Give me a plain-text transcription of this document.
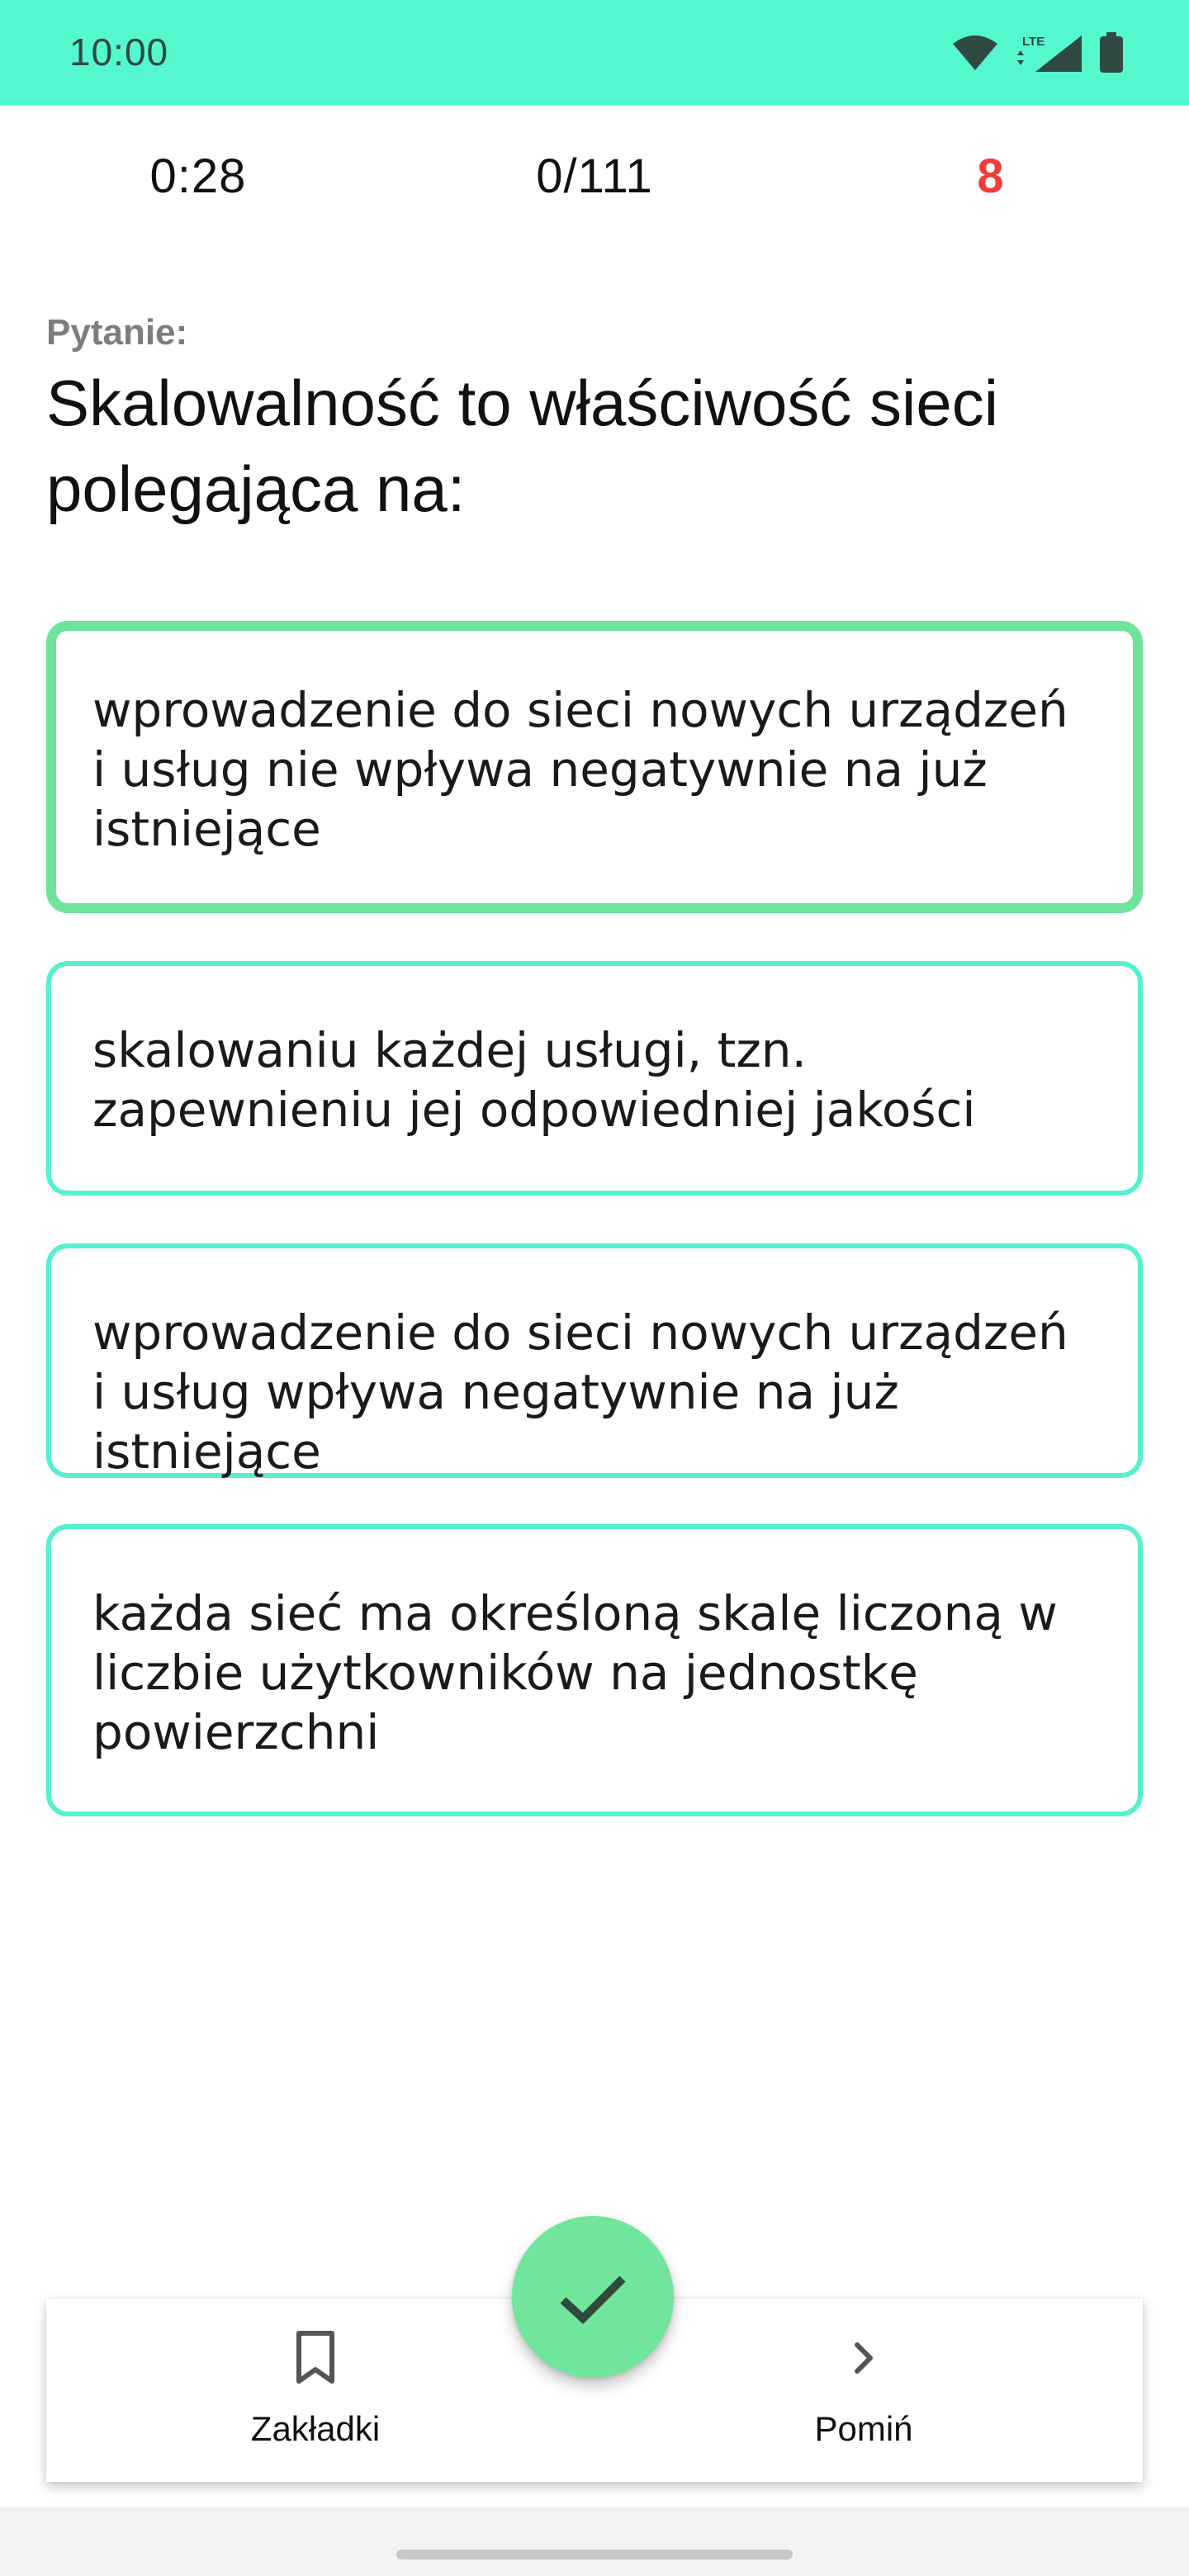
10:00	LTE
0:28	0/111	8
Pytanie:
Skalowalność to właściwość sieci polegająca na:
wprowadzenie do sieci nowych urządzeń i usług nie wpływa negatywnie na już istniejące
skalowaniu każdej usługi, tzn. zapewnieniu jej odpowiedniej jakości
wprowadzenie do sieci nowych urządzeń i usług wpływa negatywnie na już istniejące
każda sieć ma określoną skalę liczoną w liczbie użytkowników na jednostkę powierzchni
Zakładki	Pomiń
